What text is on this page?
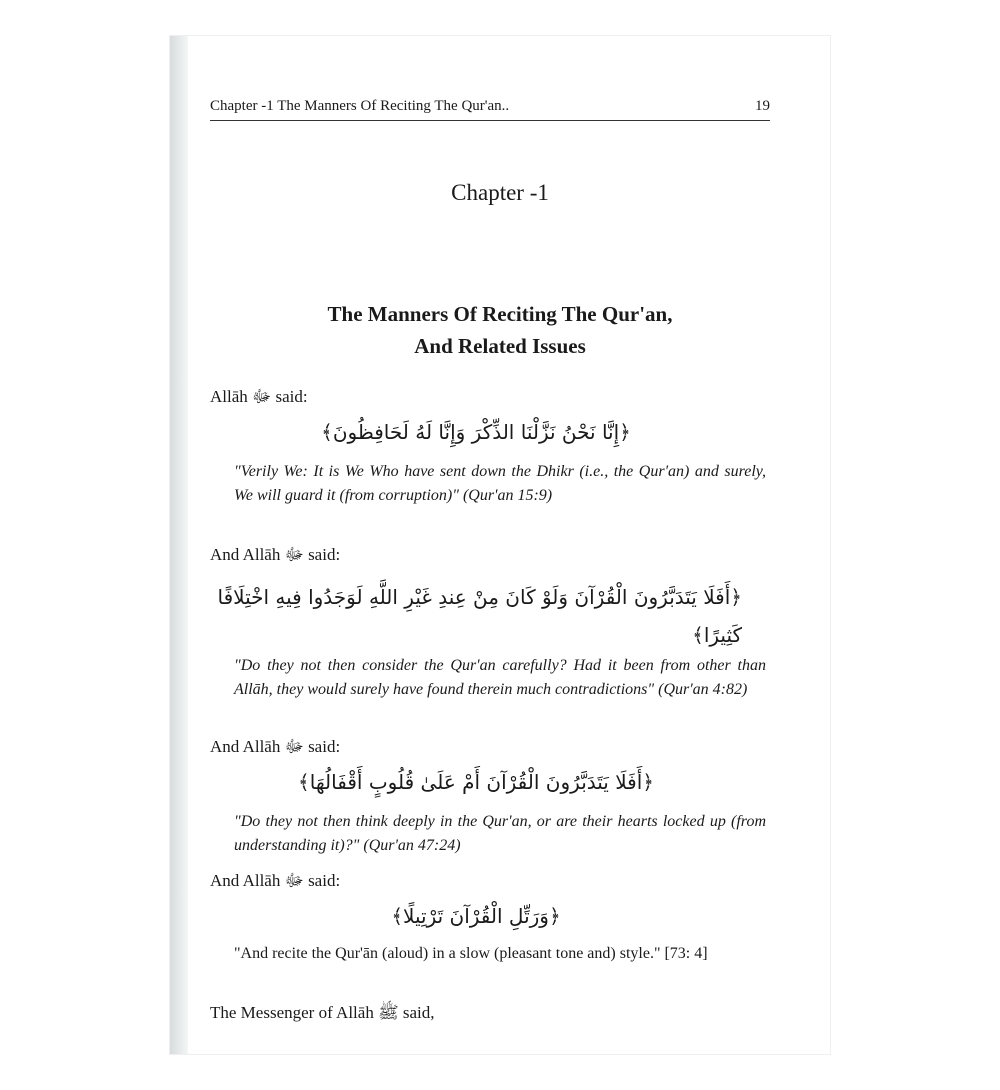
Chapter -1 The Manners Of Reciting The Qur'an..	19
Chapter -1
The Manners Of Reciting The Qur'an,
And Related Issues
Allāh ﷻ said:
﴿إِنَّا نَحْنُ نَزَّلْنَا الذِّكْرَ وَإِنَّا لَهُ لَحَافِظُونَ﴾
"Verily We: It is We Who have sent down the Dhikr (i.e., the Qur'an) and surely, We will guard it (from corruption)" (Qur'an 15:9)
And Allāh ﷻ said:
﴿أَفَلَا يَتَدَبَّرُونَ الْقُرْآنَ وَلَوْ كَانَ مِنْ عِندِ غَيْرِ اللَّهِ لَوَجَدُوا فِيهِ اخْتِلَافًا كَثِيرًا﴾
"Do they not then consider the Qur'an carefully? Had it been from other than Allāh, they would surely have found therein much contradictions" (Qur'an 4:82)
And Allāh ﷻ said:
﴿أَفَلَا يَتَدَبَّرُونَ الْقُرْآنَ أَمْ عَلَىٰ قُلُوبٍ أَقْفَالُهَا﴾
"Do they not then think deeply in the Qur'an, or are their hearts locked up (from understanding it)?" (Qur'an 47:24)
And Allāh ﷻ said:
﴿وَرَتِّلِ الْقُرْآنَ تَرْتِيلًا﴾
"And recite the Qur'ān (aloud) in a slow (pleasant tone and) style." [73: 4]
The Messenger of Allāh ﷺ said,
